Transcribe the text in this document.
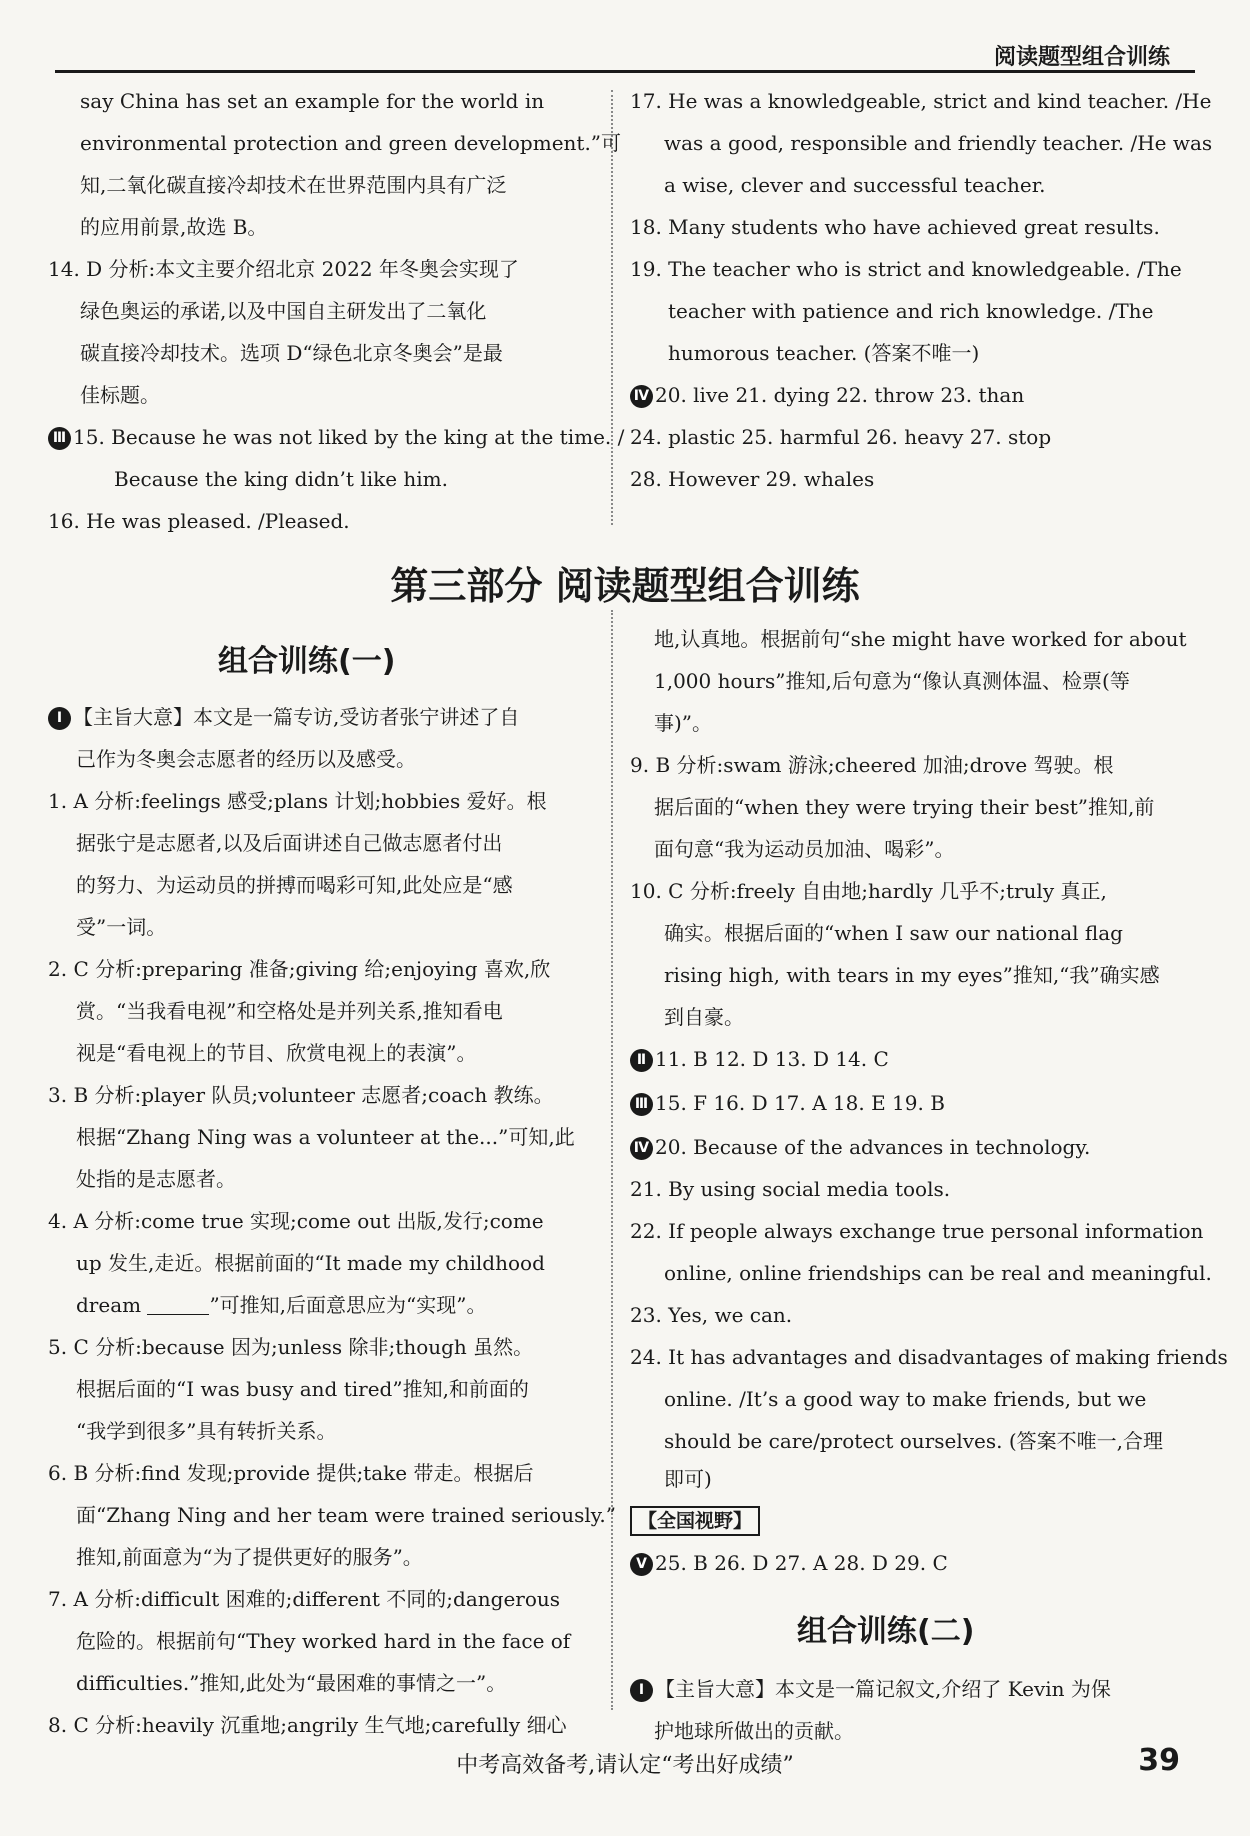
阅读题型组合训练
say China has set an example for the world in
environmental protection and green development.”可
知,二氧化碳直接冷却技术在世界范围内具有广泛
的应用前景,故选 B。
14. D 分析:本文主要介绍北京 2022 年冬奥会实现了
绿色奥运的承诺,以及中国自主研发出了二氧化
碳直接冷却技术。选项 D“绿色北京冬奥会”是最
佳标题。
Ⅲ 15. Because he was not liked by the king at the time. /
Because the king didn’t like him.
16. He was pleased. /Pleased.
17. He was a knowledgeable, strict and kind teacher. /He
was a good, responsible and friendly teacher. /He was
a wise, clever and successful teacher.
18. Many students who have achieved great results.
19. The teacher who is strict and knowledgeable. /The
teacher with patience and rich knowledge. /The
humorous teacher. (答案不唯一)
Ⅳ 20. live 21. dying 22. throw 23. than
24. plastic 25. harmful 26. heavy 27. stop
28. However 29. whales
第三部分 阅读题型组合训练
组合训练(一)
Ⅰ 【主旨大意】本文是一篇专访,受访者张宁讲述了自
己作为冬奥会志愿者的经历以及感受。
1. A 分析:feelings 感受;plans 计划;hobbies 爱好。根
据张宁是志愿者,以及后面讲述自己做志愿者付出
的努力、为运动员的拼搏而喝彩可知,此处应是“感
受”一词。
2. C 分析:preparing 准备;giving 给;enjoying 喜欢,欣
赏。“当我看电视”和空格处是并列关系,推知看电
视是“看电视上的节目、欣赏电视上的表演”。
3. B 分析:player 队员;volunteer 志愿者;coach 教练。
根据“Zhang Ning was a volunteer at the...”可知,此
处指的是志愿者。
4. A 分析:come true 实现;come out 出版,发行;come
up 发生,走近。根据前面的“It made my childhood
dream	”可推知,后面意思应为“实现”。
5. C 分析:because 因为;unless 除非;though 虽然。
根据后面的“I was busy and tired”推知,和前面的
“我学到很多”具有转折关系。
6. B 分析:find 发现;provide 提供;take 带走。根据后
面“Zhang Ning and her team were trained seriously.”
推知,前面意为“为了提供更好的服务”。
7. A 分析:difficult 困难的;different 不同的;dangerous
危险的。根据前句“They worked hard in the face of
difficulties.”推知,此处为“最困难的事情之一”。
8. C 分析:heavily 沉重地;angrily 生气地;carefully 细心
地,认真地。根据前句“she might have worked for about
1,000 hours”推知,后句意为“像认真测体温、检票(等
事)”。
9. B 分析:swam 游泳;cheered 加油;drove 驾驶。根
据后面的“when they were trying their best”推知,前
面句意“我为运动员加油、喝彩”。
10. C 分析:freely 自由地;hardly 几乎不;truly 真正,
确实。根据后面的“when I saw our national flag
rising high, with tears in my eyes”推知,“我”确实感
到自豪。
Ⅱ 11. B 12. D 13. D 14. C
Ⅲ 15. F 16. D 17. A 18. E 19. B
Ⅳ 20. Because of the advances in technology.
21. By using social media tools.
22. If people always exchange true personal information
online, online friendships can be real and meaningful.
23. Yes, we can.
24. It has advantages and disadvantages of making friends
online. /It’s a good way to make friends, but we
should be care/protect ourselves. (答案不唯一,合理
即可)
【全国视野】
Ⅴ 25. B 26. D 27. A 28. D 29. C
组合训练(二)
Ⅰ 【主旨大意】本文是一篇记叙文,介绍了 Kevin 为保
护地球所做出的贡献。
中考高效备考,请认定“考出好成绩”	39
